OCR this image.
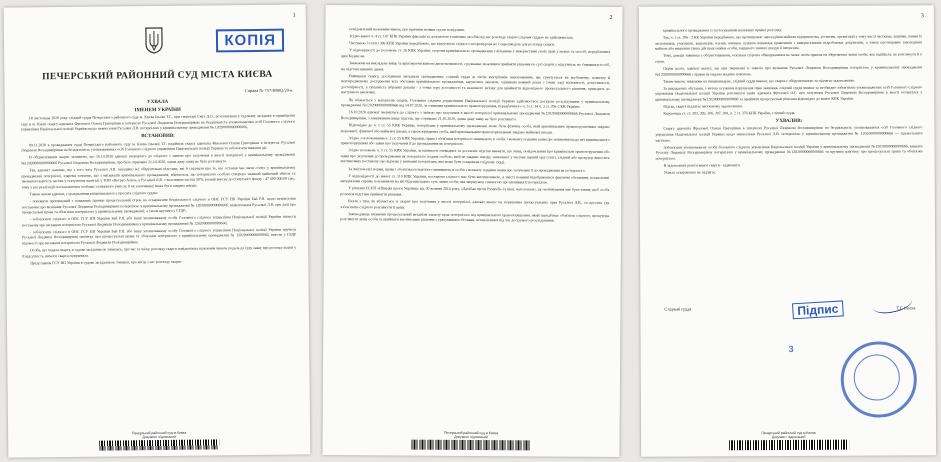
1
КОПІЯ
ПЕЧЕРСЬКИЙ РАЙОННИЙ СУД МІСТА КИЄВА
Справа № 757/48802/20-к
УХВАЛА
ІМЕНЕМ УКРАЇНИ

18 листопада 2020 року слідчий суддя Печерського районного суду м. Києва Ільєва Т.Г., при секретарі Сміх Д.О., розглянувши у судовому засіданні в приміщенні суду в м. Києві скаргу адвоката Фролової Олени Григорівни в інтересах Русалкої Людмили Володимирівни на бездіяльність уповноважених осіб Головного слідчого управління Національної поліції України щодо невнесення Русалкої Л.В. потерпілою у кримінальному провадженні № 12020000000000666,

ВСТАНОВИВ:

09.11.2020 в провадження судді Печерського районного суду м. Києва Ільєвої Т.Г. надійшла скарга адвоката Фролової Олени Григорівни в інтересах Русалкої Людмили Володимирівни на бездіяльність уповноважених осіб Головного слідчого управління Національної поліції України та зобов'язати вчинити дії.

В обґрунтування скарги зазначено, що 16.10.2020 адвокат звернулась до слідчого з заявою про залучення в якості потерпілої у кримінальному провадженні №12020000000000666 Русалкої Людмили Володимирівни, про було отримано 21.10.2020, однак дану заяву не було розглянуто.

Так, адвокат зазначає, що з того часу Русалкої Л.В. заподіяно всі обґрунтовані підстави, які б свідчили про те, що остання має мати статус у кримінальному провадженні потерпілої, зокрема зазначає, що з матеріалів кримінального провадження, вбачається, що потерпілою особою створено значний майновий збиток та зменшено вартість частки у статутному капіталі у ТОВ «Петрус-Алко», а Русалкої Л.В. є власником частки 50%, розмір внеску до статутного фонду - 47 600 000,00 грн., тому у раз реалізації постановлення особами злочинного умислу, її як засновнику може бути завдано шкоди.

Таким чином адвокат, з урахуванням вищенаведеного, просить слідчого суддю:

- поновити пропущений з поважних причин процесуальний строк на оскарження бездіяльності слідчого в ОВС ГСУ НП України Бай Р.Я. щодо невнесення постанови про визнання Русалкої Людмили Володимирівни потерпілою у кримінальному провадженні № 12020000000000666, невключення Русалкої Л.В. при дачі про процесуальні права та обов'язки потерпілого у кримінальному провадженні, а також вручити у СГДР;

- зобов'язати слідчого в ОВС ГСУ НП України Бай Р.Я. або іншу уповноважену особу Головного слідчого управління Національної поліції України винести постанову про визнання потерпілою Русалкої Людмили Володимирівни у кримінальному провадженні № 12020000000000666;

- зобов'язати слідчого в ОВС ГСУ НП України Бай Р.Я. або іншу уповноважену особу Головного слідчого управління Національної поліції України вручити Русалкої Людмилі Володимирівні пам'ятку про процесуальні права та обов'язки потерпілого у кримінальному провадженні № 12020000000000666, внести у ЄРДР відомості про визнання потерпілою Русалкої Людмили Володимирівни.

Особа, що подала скаргу, в судове засідання не з'явилась, про час та місце розгляду скарги повідомлена належним чином, подала до суду заяву про розгляд скарги у її відсутність, вимоги скарги підтримала.

Представник ГСУ НП України в судове засідання не з'явився, про місце і час розгляду скарги

Печерський районний суд м.Києва
Документ підписаний
2

повідомлений належним чином, про причини неявки суд не повідомив.

Згідно вимог ч. 4 ст. 107 КПК України фіксація за допомогою технічних засобів під час розгляду скарги слідчим суддею не здійснювалась.

Частиною 3 статті 306 КПК України передбачено, що відсутність слідчого чи прокурора не є перешкодою для розгляду скарги.

У відповідності до положень ст. 26 КПК України, сторони кримінального провадження є вільними у використанні своїх прав у межах та спосіб, передбачених цим Кодексом.

Зважаючи на викладене вище та враховуючи вимоги диспозитивності, суд вважає можливим прийняти рішення по суті скарги у відсутність не з'явившихся осіб, на підставі наявних даних.

Вивчивши скаргу, дослідивши матеріали провадження, слідчий суддя за своїм внутрішнім переконанням, яке ґрунтується на всебічному, повному й неупередженому дослідженні всіх обставин кримінального провадження, керуючись законом, оцінивши кожний доказ з точки зору належності, допустимості, достовірності, а сукупність зібраних доказів - з точки зору достатності та взаємного зв'язку для прийняття відповідного процесуального рішення, приходить до наступного висновку.

Як вбачається з матеріалів скарги, Головним слідчим управлінням Національної поліції України здійснюється досудове розслідування у кримінальному провадженні №12020000000000666 від 14.07.2020, за ознаками кримінального правопорушення, передбаченого ч. 3 ст. 14 ч. 3 ст. 206-2 КК України.

16.10.2020 адвокат звернулася до слідчого з заявою про залучення в якості потерпілої кримінальному провадженні №12020000000000666 Русалкої Людмили Володимирівни, з зазначенням вище підстав, про отримано 21.10.2020, однак дану заяву не було розглянуто.

Відповідно до ч. 1 ст. 55 КПК України, потерпілим у кримінальному провадженні може бути фізична особа, якій кримінальним правопорушенням завдано моральної, фізичної або майнової шкоди, а також юридична особа, якій кримінальним правопорушенням завдано майнової шкоди.

Згідно з положеннями ч. 2 ст. 55 КПК України, права і обов'язки потерпілого виникають в особи з моменту подання заяви про вчинення щодо неї кримінального правопорушення або заяви про залучення її до провадження як потерпілого.

Згідно положень ч. 5 ст. 55 КПК України, за наявності очевидних та достатніх підстав вважати, що заява, повідомлення про кримінальне правопорушення або заява про залучення до провадження як потерпілого подана особою, якій не завдано шкоди, зазначеної у частині першій цієї статті, слідчий або прокурор виносить вмотивовану постанову про відмову у визнанні потерпілим, яка може бути оскаржена слідчому судді.

За змістом цієї норми, права і обов'язки потерпілого виникають в особи з моменту подання заяви про залучення її до провадження як потерпілого.

У відповідності до вимог ст. 110 КПК України, постанова слідчого має бути вмотивованою, в змісті повинні відображатися фактичні обставини, встановлені матеріалами справи, покликаючи на які буде викладено суть заяви особи, яка звернулася з вимогою про визнання її потерпілою.

У рішенні ЄСПЛ «Швидка проти України» від 30 жовтня 2014 року, «Дахібан проти Румунії» та інші, наголошено, що мотивування має бути таким, щоб особа розуміла підстави прийняття рішення.

Разом з тим, як вбачається зі скарги про залучення у якості потерпілої, адвокат вказує на порушення процесуальних прав Русалкої Л.В., та просить суд зобов'язати слідчого розглянути її заяву.

Законодавець визначив процесуальний механізм захисту прав потерпілого від кримінального правопорушення, який передбачає обов'язок слідчого, прокурора розглянути заяву особи та прийняти вмотивоване рішення з урахуванням обставин, встановлених під час досудового розслідування.

Печерський районний суд м.Києва
Документ підписаний
3

кримінального провадження із застосуванням належних правил розгляду.

Так, ч. 3 ст. 206 - 2 КК України передбачено, що протиправне заволодіння майном підприємства, установи, організації у тому числі частками, акціями, паями їх засновників, учасників, акціонерів, членів, вчинене шляхом вчинення правочинів з використанням підроблених документів, а також протиправне заволодіння майном або вчинення таких дій щодо майна особи, завданого значної шкоди її інтересам.

Тому, доводи заявника є обґрунтованими, оскільки сторона обвинувачення не може своїм правом на збереження заяви особи, яка надійшла, не розглянути її у строк.

Окрім цього, адвокат вказує, що при зверненні із заявою про визнання Русалкої Людмили Володимирівни потерпілою у кримінальному провадженні №12020000000000666 слідчим не надано жодних пояснень.

Таким чином, зважаючи на вищенаведене, слідчий суддя вважає, що скарга є обґрунтованою та підлягає задоволенню.

За викладених обставин, з метою усунення порушення прав заявника, слідчий суддя вважає за необхідне зобов'язати уповноважених осіб Головного слідчого управління Національної поліції України розглянути заяву адвоката Фролової О.Г. про залучення Русалкої Людмили Володимирівни в якості потерпілої у кримінальному провадженні №12020000000000666 та прийняти процесуальне рішення відповідно до вимог КПК України.

Відтак, скарга підлягає частковому задоволенню.

Керуючись ст. ст. 303, 305, 306, 307, 309, п. 2 ст. 376 КПК України, слідчий суддя,

УХВАЛИВ:

Скаргу адвоката Фролової Олени Григорівни в інтересах Русалкої Людмили Володимирівни на бездіяльність уповноважених осіб Головного слідчого управління Національної поліції України щодо невнесення Русалкої Л.В. потерпілою у кримінальному провадженні № 12020000000000666 — задовольнити частково.

Зобов'язати уповноважену особу Головного слідчого управління Національної поліції України у кримінальному провадженні №12020000000000666, визнати Русалку Людмилу Володимирівну потерпілою у кримінальному провадженні №12020000000000666 та вручити пам'ятку про процесуальні права та обов'язки потерпілого.

В задоволенні решти вимог скарги - відмовити.

Ухвала оскарженню не підлягає.

Слідчий суддя	Т.Г. Ільєва
Підпис
3
Печерський районний суд м.Києва
Документ підписаний
